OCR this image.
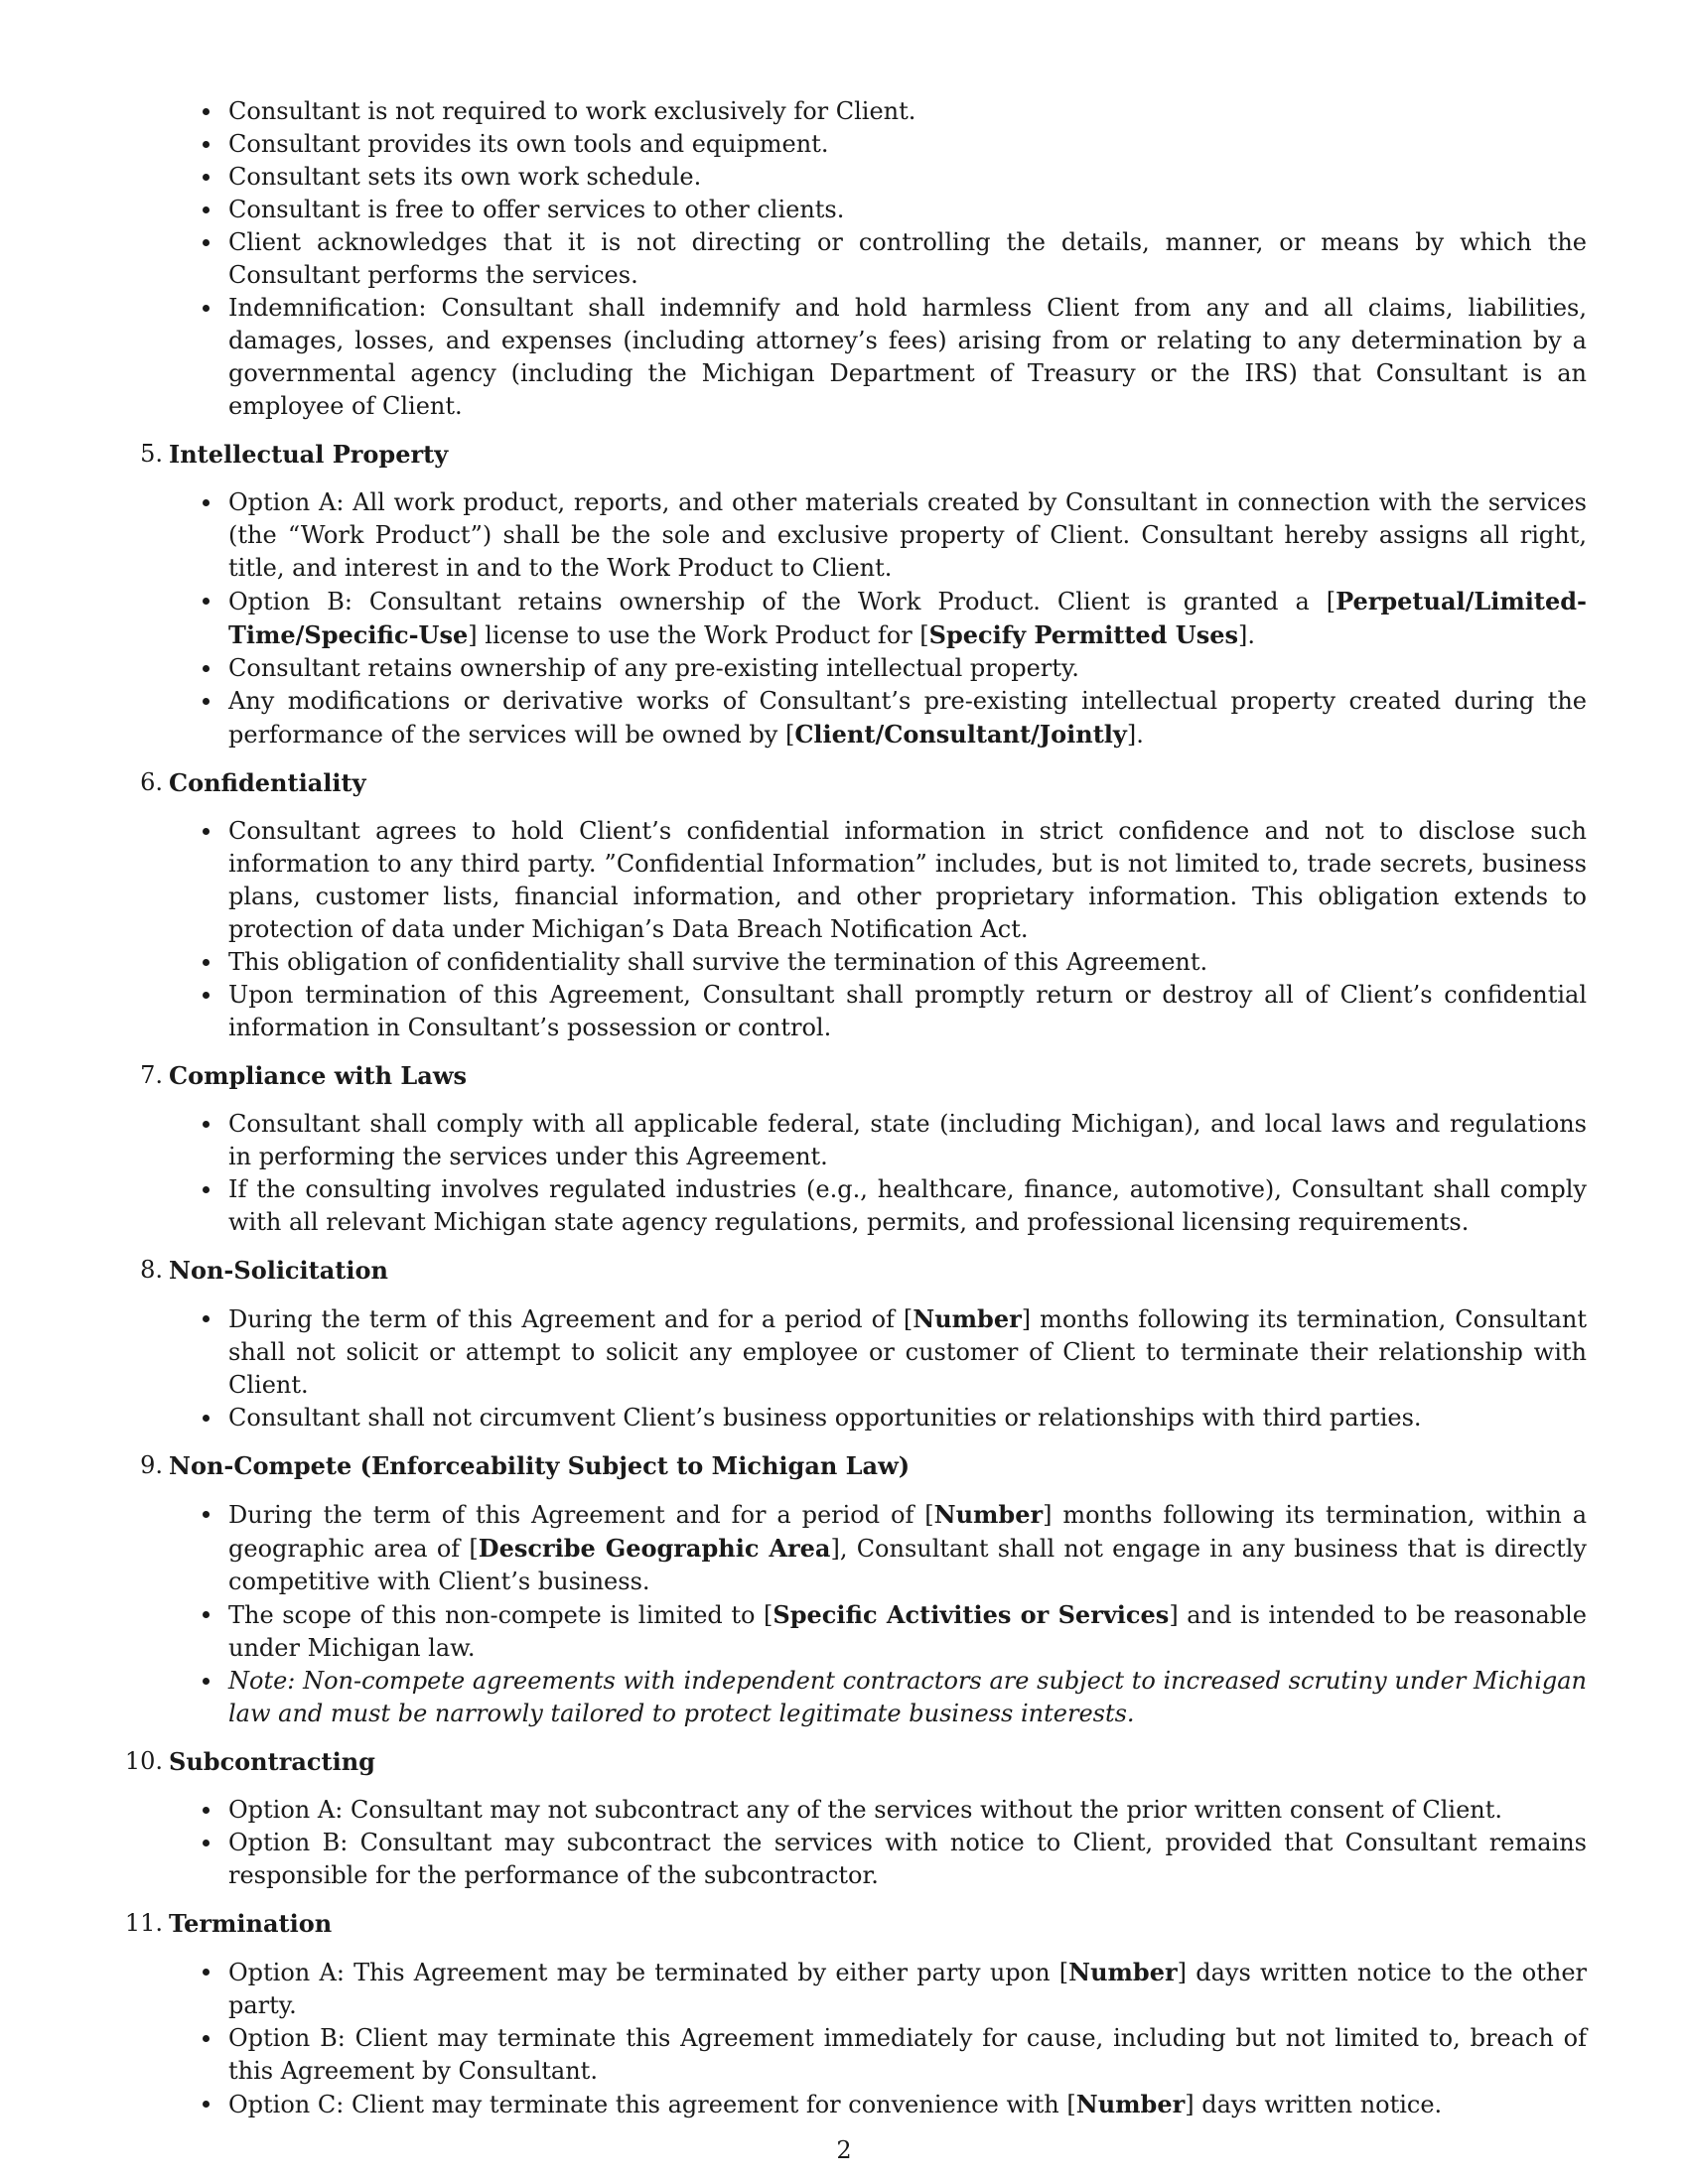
Consultant is not required to work exclusively for Client.
Consultant provides its own tools and equipment.
Consultant sets its own work schedule.
Consultant is free to offer services to other clients.
Client acknowledges that it is not directing or controlling the details, manner, or means by which the Consultant performs the services.
Indemnification: Consultant shall indemnify and hold harmless Client from any and all claims, liabilities, damages, losses, and expenses (including attorney’s fees) arising from or relating to any determination by a governmental agency (including the Michigan Department of Treasury or the IRS) that Consultant is an employee of Client.
5. Intellectual Property
Option A: All work product, reports, and other materials created by Consultant in connection with the services (the “Work Product”) shall be the sole and exclusive property of Client. Consultant hereby assigns all right, title, and interest in and to the Work Product to Client.
Option B: Consultant retains ownership of the Work Product. Client is granted a [Perpetual/Limited-Time/Specific-Use] license to use the Work Product for [Specify Permitted Uses].
Consultant retains ownership of any pre-existing intellectual property.
Any modifications or derivative works of Consultant’s pre-existing intellectual property created during the performance of the services will be owned by [Client/Consultant/Jointly].
6. Confidentiality
Consultant agrees to hold Client’s confidential information in strict confidence and not to disclose such information to any third party. ”Confidential Information” includes, but is not limited to, trade secrets, business plans, customer lists, financial information, and other proprietary information. This obligation extends to protection of data under Michigan’s Data Breach Notification Act.
This obligation of confidentiality shall survive the termination of this Agreement.
Upon termination of this Agreement, Consultant shall promptly return or destroy all of Client’s confidential information in Consultant’s possession or control.
7. Compliance with Laws
Consultant shall comply with all applicable federal, state (including Michigan), and local laws and regulations in performing the services under this Agreement.
If the consulting involves regulated industries (e.g., healthcare, finance, automotive), Consultant shall comply with all relevant Michigan state agency regulations, permits, and professional licensing requirements.
8. Non-Solicitation
During the term of this Agreement and for a period of [Number] months following its termination, Consultant shall not solicit or attempt to solicit any employee or customer of Client to terminate their relationship with Client.
Consultant shall not circumvent Client’s business opportunities or relationships with third parties.
9. Non-Compete (Enforceability Subject to Michigan Law)
During the term of this Agreement and for a period of [Number] months following its termination, within a geographic area of [Describe Geographic Area], Consultant shall not engage in any business that is directly competitive with Client’s business.
The scope of this non-compete is limited to [Specific Activities or Services] and is intended to be reasonable under Michigan law.
Note: Non-compete agreements with independent contractors are subject to increased scrutiny under Michigan law and must be narrowly tailored to protect legitimate business interests.
10. Subcontracting
Option A: Consultant may not subcontract any of the services without the prior written consent of Client.
Option B: Consultant may subcontract the services with notice to Client, provided that Consultant remains responsible for the performance of the subcontractor.
11. Termination
Option A: This Agreement may be terminated by either party upon [Number] days written notice to the other party.
Option B: Client may terminate this Agreement immediately for cause, including but not limited to, breach of this Agreement by Consultant.
Option C: Client may terminate this agreement for convenience with [Number] days written notice.
2
